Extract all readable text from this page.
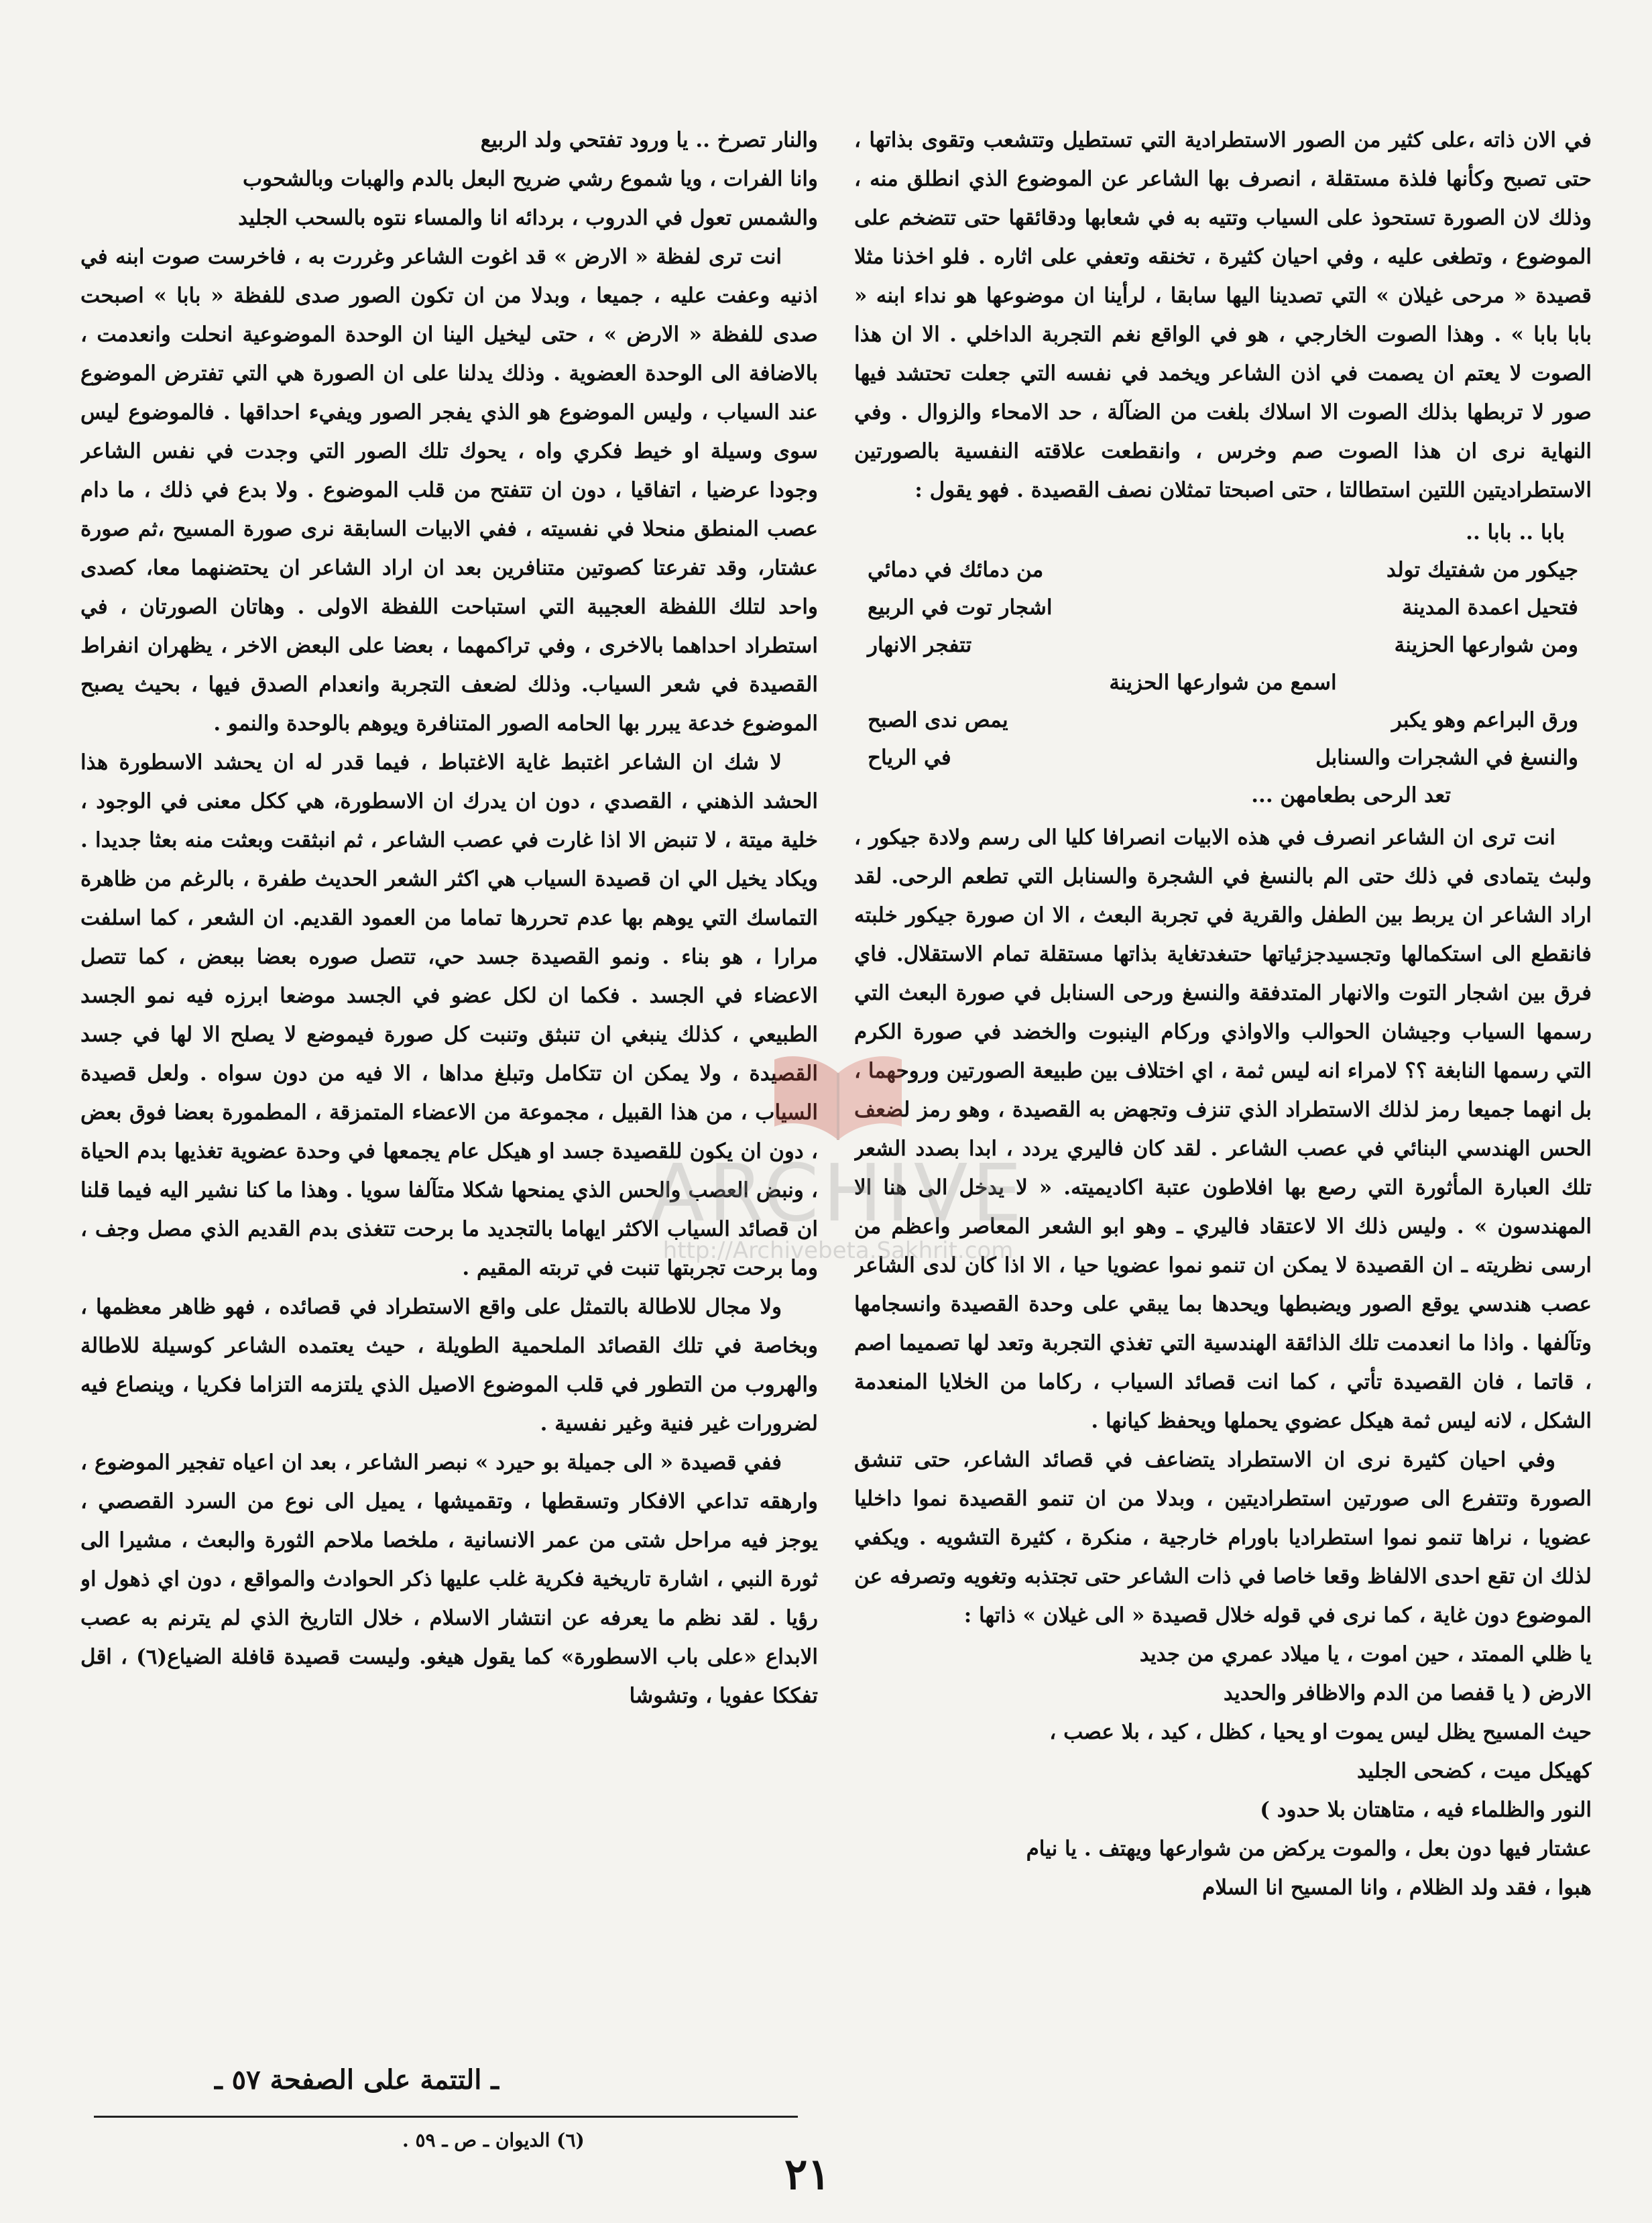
في الان ذاته ،على كثير من الصور الاستطرادية التي تستطيل وتتشعب وتقوى بذاتها ، حتى تصبح وكأنها فلذة مستقلة ، انصرف بها الشاعر عن الموضوع الذي انطلق منه ، وذلك لان الصورة تستحوذ على السياب وتتيه به في شعابها ودقائقها حتى تتضخم على الموضوع ، وتطغى عليه ، وفي احيان كثيرة ، تخنقه وتعفي على اثاره . فلو اخذنا مثلا قصيدة « مرحى غيلان » التي تصدينا اليها سابقا ، لرأينا ان موضوعها هو نداء ابنه « بابا بابا » . وهذا الصوت الخارجي ، هو في الواقع نغم التجربة الداخلي . الا ان هذا الصوت لا يعتم ان يصمت في اذن الشاعر ويخمد في نفسه التي جعلت تحتشد فيها صور لا تربطها بذلك الصوت الا اسلاك بلغت من الضآلة ، حد الامحاء والزوال . وفي النهاية نرى ان هذا الصوت صم وخرس ، وانقطعت علاقته النفسية بالصورتين الاستطراديتين اللتين استطالتا ، حتى اصبحتا تمثلان نصف القصيدة . فهو يقول :

بابا .. بابا ..
جيكور من شفتيك تولد
من دمائك في دمائي
فتحيل اعمدة المدينة
اشجار توت في الربيع
ومن شوارعها الحزينة
تتفجر الانهار
اسمع من شوارعها الحزينة
ورق البراعم وهو يكبر
يمص ندى الصبح
والنسغ في الشجرات والسنابل
في الرياح
تعد الرحى بطعامهن ...

انت ترى ان الشاعر انصرف في هذه الابيات انصرافا كليا الى رسم ولادة جيكور ، ولبث يتمادى في ذلك حتى الم بالنسغ في الشجرة والسنابل التي تطعم الرحى. لقد اراد الشاعر ان يربط بين الطفل والقرية في تجربة البعث ، الا ان صورة جيكور خلبته فانقطع الى استكمالها وتجسيدجزئياتها حتىغدتغاية بذاتها مستقلة تمام الاستقلال. فاي فرق بين اشجار التوت والانهار المتدفقة والنسغ ورحى السنابل في صورة البعث التي رسمها السياب وجيشان الحوالب والاواذي وركام الينبوت والخضد في صورة الكرم التي رسمها النابغة ؟؟ لامراء انه ليس ثمة ، اي اختلاف بين طبيعة الصورتين وروحهما ، بل انهما جميعا رمز لذلك الاستطراد الذي تنزف وتجهض به القصيدة ، وهو رمز لضعف الحس الهندسي البنائي في عصب الشاعر . لقد كان فاليري يردد ، ابدا بصدد الشعر تلك العبارة المأثورة التي رصع بها افلاطون عتبة اكاديميته. « لا يدخل الى هنا الا المهندسون » . وليس ذلك الا لاعتقاد فاليري ـ وهو ابو الشعر المعاصر واعظم من ارسى نظريته ـ ان القصيدة لا يمكن ان تنمو نموا عضويا حيا ، الا اذا كان لدى الشاعر عصب هندسي يوقع الصور ويضبطها ويحدها بما يبقي على وحدة القصيدة وانسجامها وتآلفها . واذا ما انعدمت تلك الذائقة الهندسية التي تغذي التجربة وتعد لها تصميما اصم ، قاتما ، فان القصيدة تأتي ، كما انت قصائد السياب ، ركاما من الخلايا المنعدمة الشكل ، لانه ليس ثمة هيكل عضوي يحملها ويحفظ كيانها .

وفي احيان كثيرة نرى ان الاستطراد يتضاعف في قصائد الشاعر، حتى تنشق الصورة وتتفرع الى صورتين استطراديتين ، وبدلا من ان تنمو القصيدة نموا داخليا عضويا ، نراها تنمو نموا استطراديا باورام خارجية ، منكرة ، كثيرة التشويه . ويكفي لذلك ان تقع احدى الالفاظ وقعا خاصا في ذات الشاعر حتى تجتذبه وتغويه وتصرفه عن الموضوع دون غاية ، كما نرى في قوله خلال قصيدة « الى غيلان » ذاتها :

يا ظلي الممتد ، حين اموت ، يا ميلاد عمري من جديد

الارض ( يا قفصا من الدم والاظافر والحديد

حيث المسيح يظل ليس يموت او يحيا ، كظل ، كيد ، بلا عصب ،

كهيكل ميت ، كضحى الجليد

النور والظلماء فيه ، متاهتان بلا حدود )

عشتار فيها دون بعل ، والموت يركض من شوارعها ويهتف . يا نيام

هبوا ، فقد ولد الظلام ، وانا المسيح انا السلام

والنار تصرخ .. يا ورود تفتحي ولد الربيع

وانا الفرات ، ويا شموع رشي ضريح البعل بالدم والهبات وبالشحوب

والشمس تعول في الدروب ، بردائه انا والمساء نتوه بالسحب الجليد

انت ترى لفظة « الارض » قد اغوت الشاعر وغررت به ، فاخرست صوت ابنه في اذنيه وعفت عليه ، جميعا ، وبدلا من ان تكون الصور صدى للفظة « بابا » اصبحت صدى للفظة « الارض » ، حتى ليخيل الينا ان الوحدة الموضوعية انحلت وانعدمت ، بالاضافة الى الوحدة العضوية . وذلك يدلنا على ان الصورة هي التي تفترض الموضوع عند السياب ، وليس الموضوع هو الذي يفجر الصور ويفيء احداقها . فالموضوع ليس سوى وسيلة او خيط فكري واه ، يحوك تلك الصور التي وجدت في نفس الشاعر وجودا عرضيا ، اتفاقيا ، دون ان تتفتح من قلب الموضوع . ولا بدع في ذلك ، ما دام عصب المنطق منحلا في نفسيته ، ففي الابيات السابقة نرى صورة المسيح ،ثم صورة عشتار، وقد تفرعتا كصوتين متنافرين بعد ان اراد الشاعر ان يحتضنهما معا، كصدى واحد لتلك اللفظة العجيبة التي استباحت اللفظة الاولى . وهاتان الصورتان ، في استطراد احداهما بالاخرى ، وفي تراكمهما ، بعضا على البعض الاخر ، يظهران انفراط القصيدة في شعر السياب. وذلك لضعف التجربة وانعدام الصدق فيها ، بحيث يصبح الموضوع خدعة يبرر بها الحامه الصور المتنافرة ويوهم بالوحدة والنمو .

لا شك ان الشاعر اغتبط غاية الاغتباط ، فيما قدر له ان يحشد الاسطورة هذا الحشد الذهني ، القصدي ، دون ان يدرك ان الاسطورة، هي ككل معنى في الوجود ، خلية ميتة ، لا تنبض الا اذا غارت في عصب الشاعر ، ثم انبثقت وبعثت منه بعثا جديدا . ويكاد يخيل الي ان قصيدة السياب هي اكثر الشعر الحديث طفرة ، بالرغم من ظاهرة التماسك التي يوهم بها عدم تحررها تماما من العمود القديم. ان الشعر ، كما اسلفت مرارا ، هو بناء . ونمو القصيدة جسد حي، تتصل صوره بعضا ببعض ، كما تتصل الاعضاء في الجسد . فكما ان لكل عضو في الجسد موضعا ابرزه فيه نمو الجسد الطبيعي ، كذلك ينبغي ان تنبثق وتنبت كل صورة فيموضع لا يصلح الا لها في جسد القصيدة ، ولا يمكن ان تتكامل وتبلغ مداها ، الا فيه من دون سواه . ولعل قصيدة السياب ، من هذا القبيل ، مجموعة من الاعضاء المتمزقة ، المطمورة بعضا فوق بعض ، دون ان يكون للقصيدة جسد او هيكل عام يجمعها في وحدة عضوية تغذيها بدم الحياة ، ونبض العصب والحس الذي يمنحها شكلا متآلفا سويا . وهذا ما كنا نشير اليه فيما قلنا ان قصائد السياب الاكثر ايهاما بالتجديد ما برحت تتغذى بدم القديم الذي مصل وجف ، وما برحت تجربتها تنبت في تربته المقيم .

ولا مجال للاطالة بالتمثل على واقع الاستطراد في قصائده ، فهو ظاهر معظمها ، وبخاصة في تلك القصائد الملحمية الطويلة ، حيث يعتمده الشاعر كوسيلة للاطالة والهروب من التطور في قلب الموضوع الاصيل الذي يلتزمه التزاما فكريا ، وينصاع فيه لضرورات غير فنية وغير نفسية .

ففي قصيدة « الى جميلة بو حيرد » نبصر الشاعر ، بعد ان اعياه تفجير الموضوع ، وارهقه تداعي الافكار وتسقطها ، وتقميشها ، يميل الى نوع من السرد القصصي ، يوجز فيه مراحل شتى من عمر الانسانية ، ملخصا ملاحم الثورة والبعث ، مشيرا الى ثورة النبي ، اشارة تاريخية فكرية غلب عليها ذكر الحوادث والمواقع ، دون اي ذهول او رؤيا . لقد نظم ما يعرفه عن انتشار الاسلام ، خلال التاريخ الذي لم يترنم به عصب الابداع «على باب الاسطورة» كما يقول هيغو. وليست قصيدة قافلة الضياع(٦) ، اقل تفككا عفويا ، وتشوشا

ـ التتمة على الصفحة ٥٧ ـ
(٦) الديوان ـ ص ـ ٥٩ .
٢١
ARCHIVE
http://Archivebeta.Sakhrit.com
